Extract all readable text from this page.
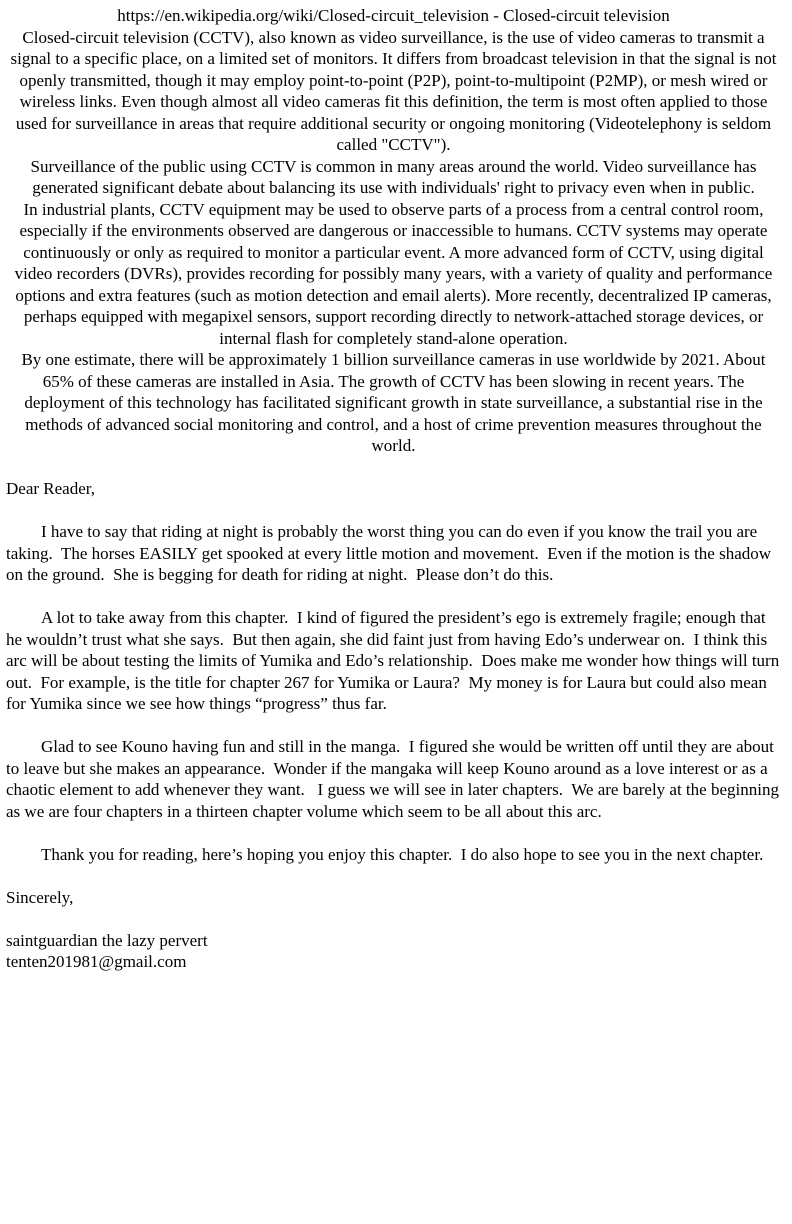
https://en.wikipedia.org/wiki/Closed-circuit_television - Closed-circuit television

Closed-circuit television (CCTV), also known as video surveillance, is the use of video cameras to transmit a signal to a specific place, on a limited set of monitors. It differs from broadcast television in that the signal is not openly transmitted, though it may employ point-to-point (P2P), point-to-multipoint (P2MP), or mesh wired or wireless links. Even though almost all video cameras fit this definition, the term is most often applied to those used for surveillance in areas that require additional security or ongoing monitoring (Videotelephony is seldom called "CCTV").

Surveillance of the public using CCTV is common in many areas around the world. Video surveillance has generated significant debate about balancing its use with individuals' right to privacy even when in public.

In industrial plants, CCTV equipment may be used to observe parts of a process from a central control room, especially if the environments observed are dangerous or inaccessible to humans. CCTV systems may operate continuously or only as required to monitor a particular event. A more advanced form of CCTV, using digital video recorders (DVRs), provides recording for possibly many years, with a variety of quality and performance options and extra features (such as motion detection and email alerts). More recently, decentralized IP cameras, perhaps equipped with megapixel sensors, support recording directly to network-attached storage devices, or internal flash for completely stand-alone operation.

By one estimate, there will be approximately 1 billion surveillance cameras in use worldwide by 2021. About 65% of these cameras are installed in Asia. The growth of CCTV has been slowing in recent years. The deployment of this technology has facilitated significant growth in state surveillance, a substantial rise in the methods of advanced social monitoring and control, and a host of crime prevention measures throughout the world.

Dear Reader,

I have to say that riding at night is probably the worst thing you can do even if you know the trail you are taking.  The horses EASILY get spooked at every little motion and movement.  Even if the motion is the shadow on the ground.  She is begging for death for riding at night.  Please don’t do this.

A lot to take away from this chapter.  I kind of figured the president’s ego is extremely fragile; enough that he wouldn’t trust what she says.  But then again, she did faint just from having Edo’s underwear on.  I think this arc will be about testing the limits of Yumika and Edo’s relationship.  Does make me wonder how things will turn out.  For example, is the title for chapter 267 for Yumika or Laura?  My money is for Laura but could also mean for Yumika since we see how things “progress” thus far.

Glad to see Kouno having fun and still in the manga.  I figured she would be written off until they are about to leave but she makes an appearance.  Wonder if the mangaka will keep Kouno around as a love interest or as a chaotic element to add whenever they want.   I guess we will see in later chapters.  We are barely at the beginning as we are four chapters in a thirteen chapter volume which seem to be all about this arc.

Thank you for reading, here’s hoping you enjoy this chapter.  I do also hope to see you in the next chapter.

Sincerely,

saintguardian the lazy pervert

tenten201981@gmail.com
